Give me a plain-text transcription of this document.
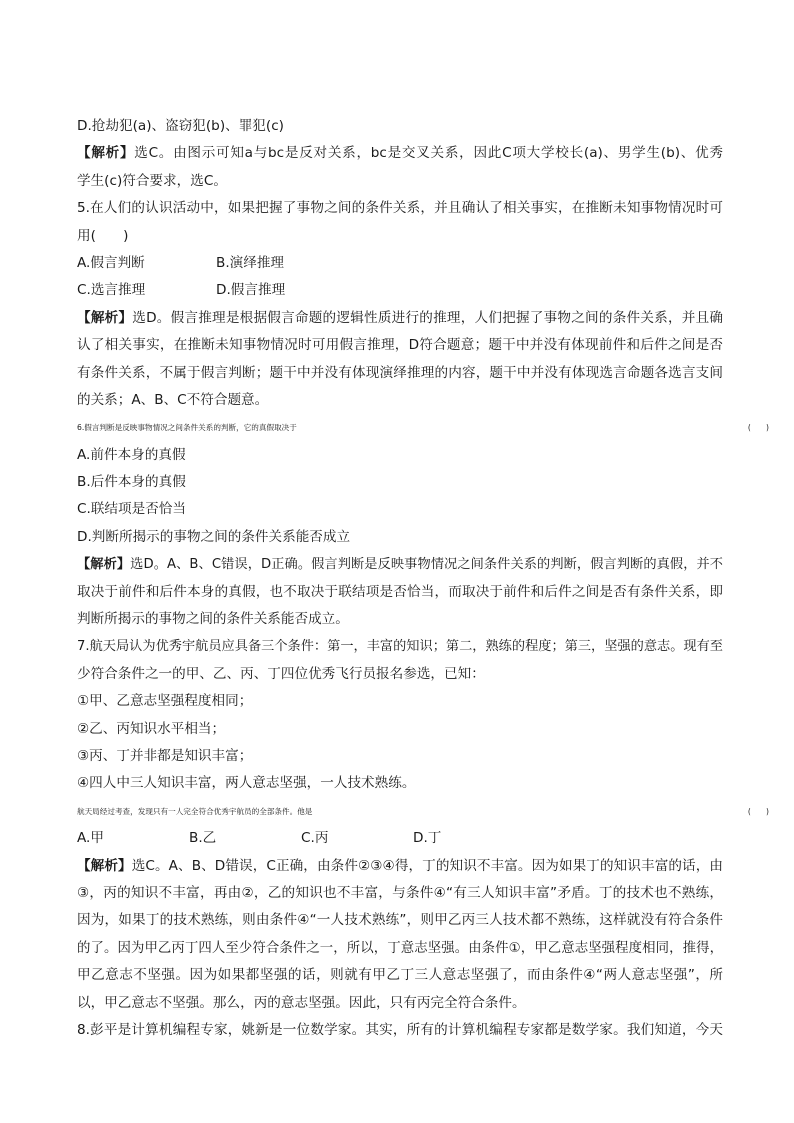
D.抢劫犯(a)、盗窃犯(b)、罪犯(c)
【解析】选C。由图示可知a与bc是反对关系，bc是交叉关系，因此C项大学校长(a)、男学生(b)、优秀
学生(c)符合要求，选C。
5.在人们的认识活动中，如果把握了事物之间的条件关系，并且确认了相关事实，在推断未知事物情况时可
用(　　)
A.假言判断	B.演绎推理
C.选言推理	D.假言推理
【解析】选D。假言推理是根据假言命题的逻辑性质进行的推理，人们把握了事物之间的条件关系，并且确
认了相关事实，在推断未知事物情况时可用假言推理，D符合题意；题干中并没有体现前件和后件之间是否
有条件关系，不属于假言判断；题干中并没有体现演绎推理的内容，题干中并没有体现选言命题各选言支间
的关系；A、B、C不符合题意。
6.假言判断是反映事物情况之间条件关系的判断，它的真假取决于	(　　)
A.前件本身的真假
B.后件本身的真假
C.联结项是否恰当
D.判断所揭示的事物之间的条件关系能否成立
【解析】选D。A、B、C错误，D正确。假言判断是反映事物情况之间条件关系的判断，假言判断的真假，并不
取决于前件和后件本身的真假，也不取决于联结项是否恰当，而取决于前件和后件之间是否有条件关系，即
判断所揭示的事物之间的条件关系能否成立。
7.航天局认为优秀宇航员应具备三个条件：第一，丰富的知识；第二，熟练的程度；第三，坚强的意志。现有至
少符合条件之一的甲、乙、丙、丁四位优秀飞行员报名参选，已知：
①甲、乙意志坚强程度相同；
②乙、丙知识水平相当；
③丙、丁并非都是知识丰富；
④四人中三人知识丰富，两人意志坚强，一人技术熟练。
航天局经过考查，发现只有一人完全符合优秀宇航员的全部条件。他是	(　　)
A.甲	B.乙	C.丙	D.丁
【解析】选C。A、B、D错误，C正确，由条件②③④得，丁的知识不丰富。因为如果丁的知识丰富的话，由
③，丙的知识不丰富，再由②，乙的知识也不丰富，与条件④“有三人知识丰富”矛盾。丁的技术也不熟练，
因为，如果丁的技术熟练，则由条件④“一人技术熟练”，则甲乙丙三人技术都不熟练，这样就没有符合条件
的了。因为甲乙丙丁四人至少符合条件之一，所以，丁意志坚强。由条件①，甲乙意志坚强程度相同，推得，
甲乙意志不坚强。因为如果都坚强的话，则就有甲乙丁三人意志坚强了，而由条件④“两人意志坚强”，所
以，甲乙意志不坚强。那么，丙的意志坚强。因此，只有丙完全符合条件。
8.彭平是计算机编程专家，姚新是一位数学家。其实，所有的计算机编程专家都是数学家。我们知道，今天
